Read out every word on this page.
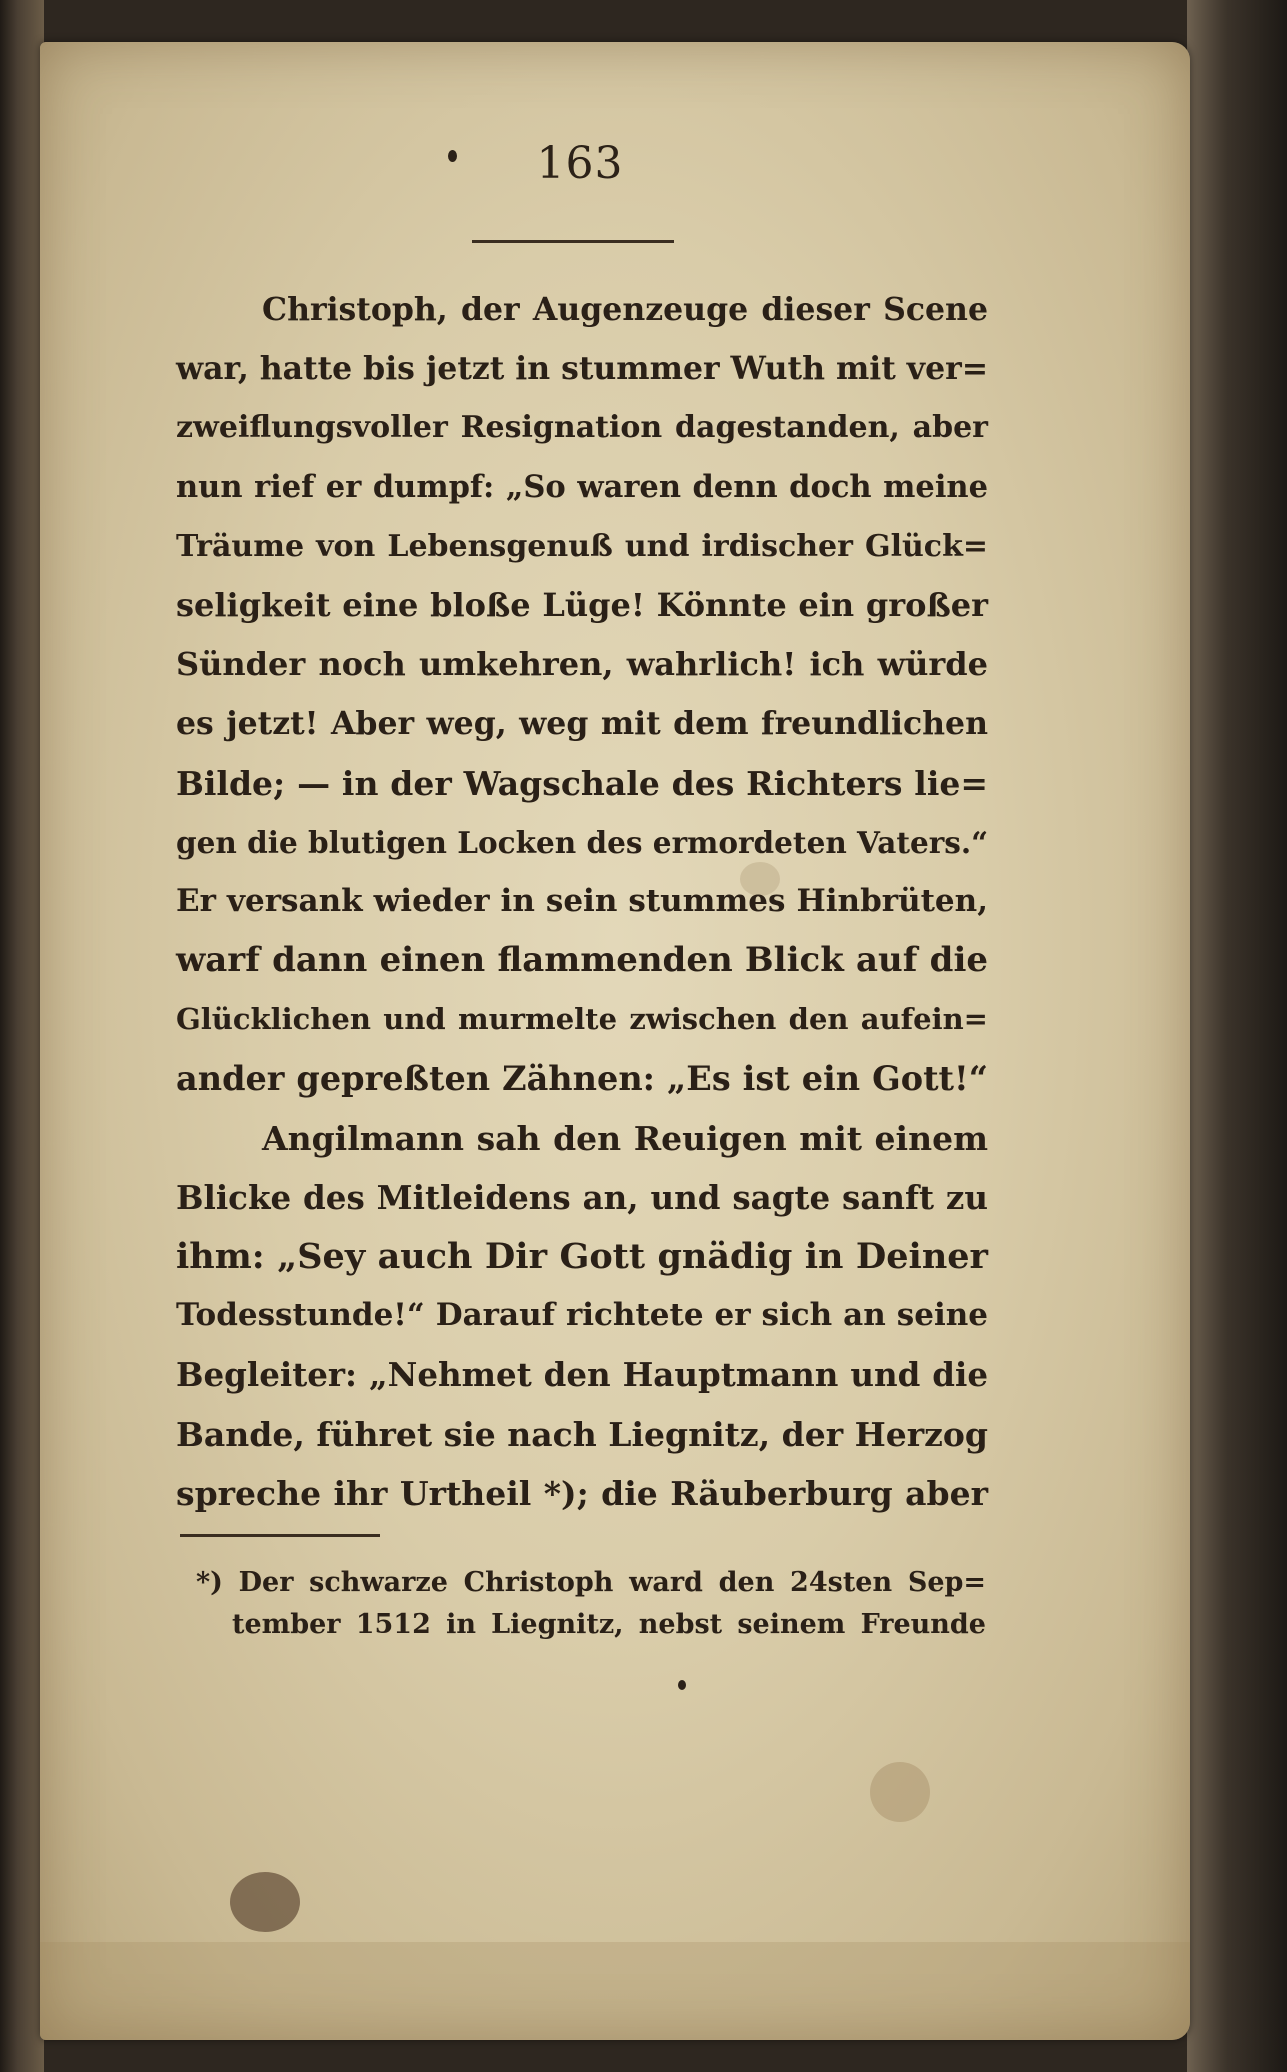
163
Christoph, der Augenzeuge dieser Scene
war, hatte bis jetzt in stummer Wuth mit ver=
zweiflungsvoller Resignation dagestanden, aber
nun rief er dumpf: „So waren denn doch meine
Träume von Lebensgenuß und irdischer Glück=
seligkeit eine bloße Lüge! Könnte ein großer
Sünder noch umkehren, wahrlich! ich würde
es jetzt! Aber weg, weg mit dem freundlichen
Bilde; — in der Wagschale des Richters lie=
gen die blutigen Locken des ermordeten Vaters.“
Er versank wieder in sein stummes Hinbrüten,
warf dann einen flammenden Blick auf die
Glücklichen und murmelte zwischen den aufein=
ander gepreßten Zähnen: „Es ist ein Gott!“
Angilmann sah den Reuigen mit einem
Blicke des Mitleidens an, und sagte sanft zu
ihm: „Sey auch Dir Gott gnädig in Deiner
Todesstunde!“ Darauf richtete er sich an seine
Begleiter: „Nehmet den Hauptmann und die
Bande, führet sie nach Liegnitz, der Herzog
spreche ihr Urtheil *); die Räuberburg aber
*) Der schwarze Christoph ward den 24sten Sep=
tember 1512 in Liegnitz, nebst seinem Freunde
